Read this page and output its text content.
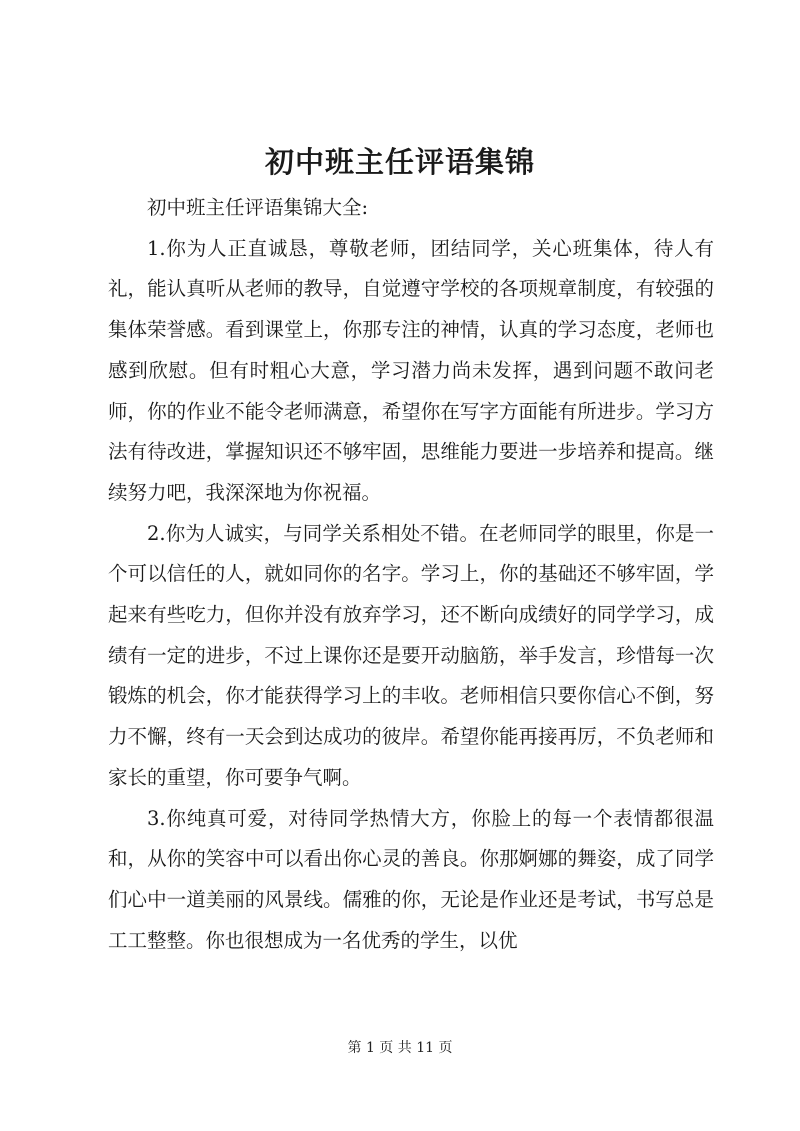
初中班主任评语集锦

初中班主任评语集锦大全:

1.你为人正直诚恳，尊敬老师，团结同学，关心班集体，待人有礼，能认真听从老师的教导，自觉遵守学校的各项规章制度，有较强的集体荣誉感。看到课堂上，你那专注的神情，认真的学习态度，老师也感到欣慰。但有时粗心大意，学习潜力尚未发挥，遇到问题不敢问老师，你的作业不能令老师满意，希望你在写字方面能有所进步。学习方法有待改进，掌握知识还不够牢固，思维能力要进一步培养和提高。继续努力吧，我深深地为你祝福。

2.你为人诚实，与同学关系相处不错。在老师同学的眼里，你是一个可以信任的人，就如同你的名字。学习上，你的基础还不够牢固，学起来有些吃力，但你并没有放弃学习，还不断向成绩好的同学学习，成绩有一定的进步，不过上课你还是要开动脑筋，举手发言，珍惜每一次锻炼的机会，你才能获得学习上的丰收。老师相信只要你信心不倒，努力不懈，终有一天会到达成功的彼岸。希望你能再接再厉，不负老师和家长的重望，你可要争气啊。

3.你纯真可爱，对待同学热情大方，你脸上的每一个表情都很温和，从你的笑容中可以看出你心灵的善良。你那婀娜的舞姿，成了同学们心中一道美丽的风景线。儒雅的你，无论是作业还是考试，书写总是工工整整。你也很想成为一名优秀的学生，以优

第 1 页 共 11 页
